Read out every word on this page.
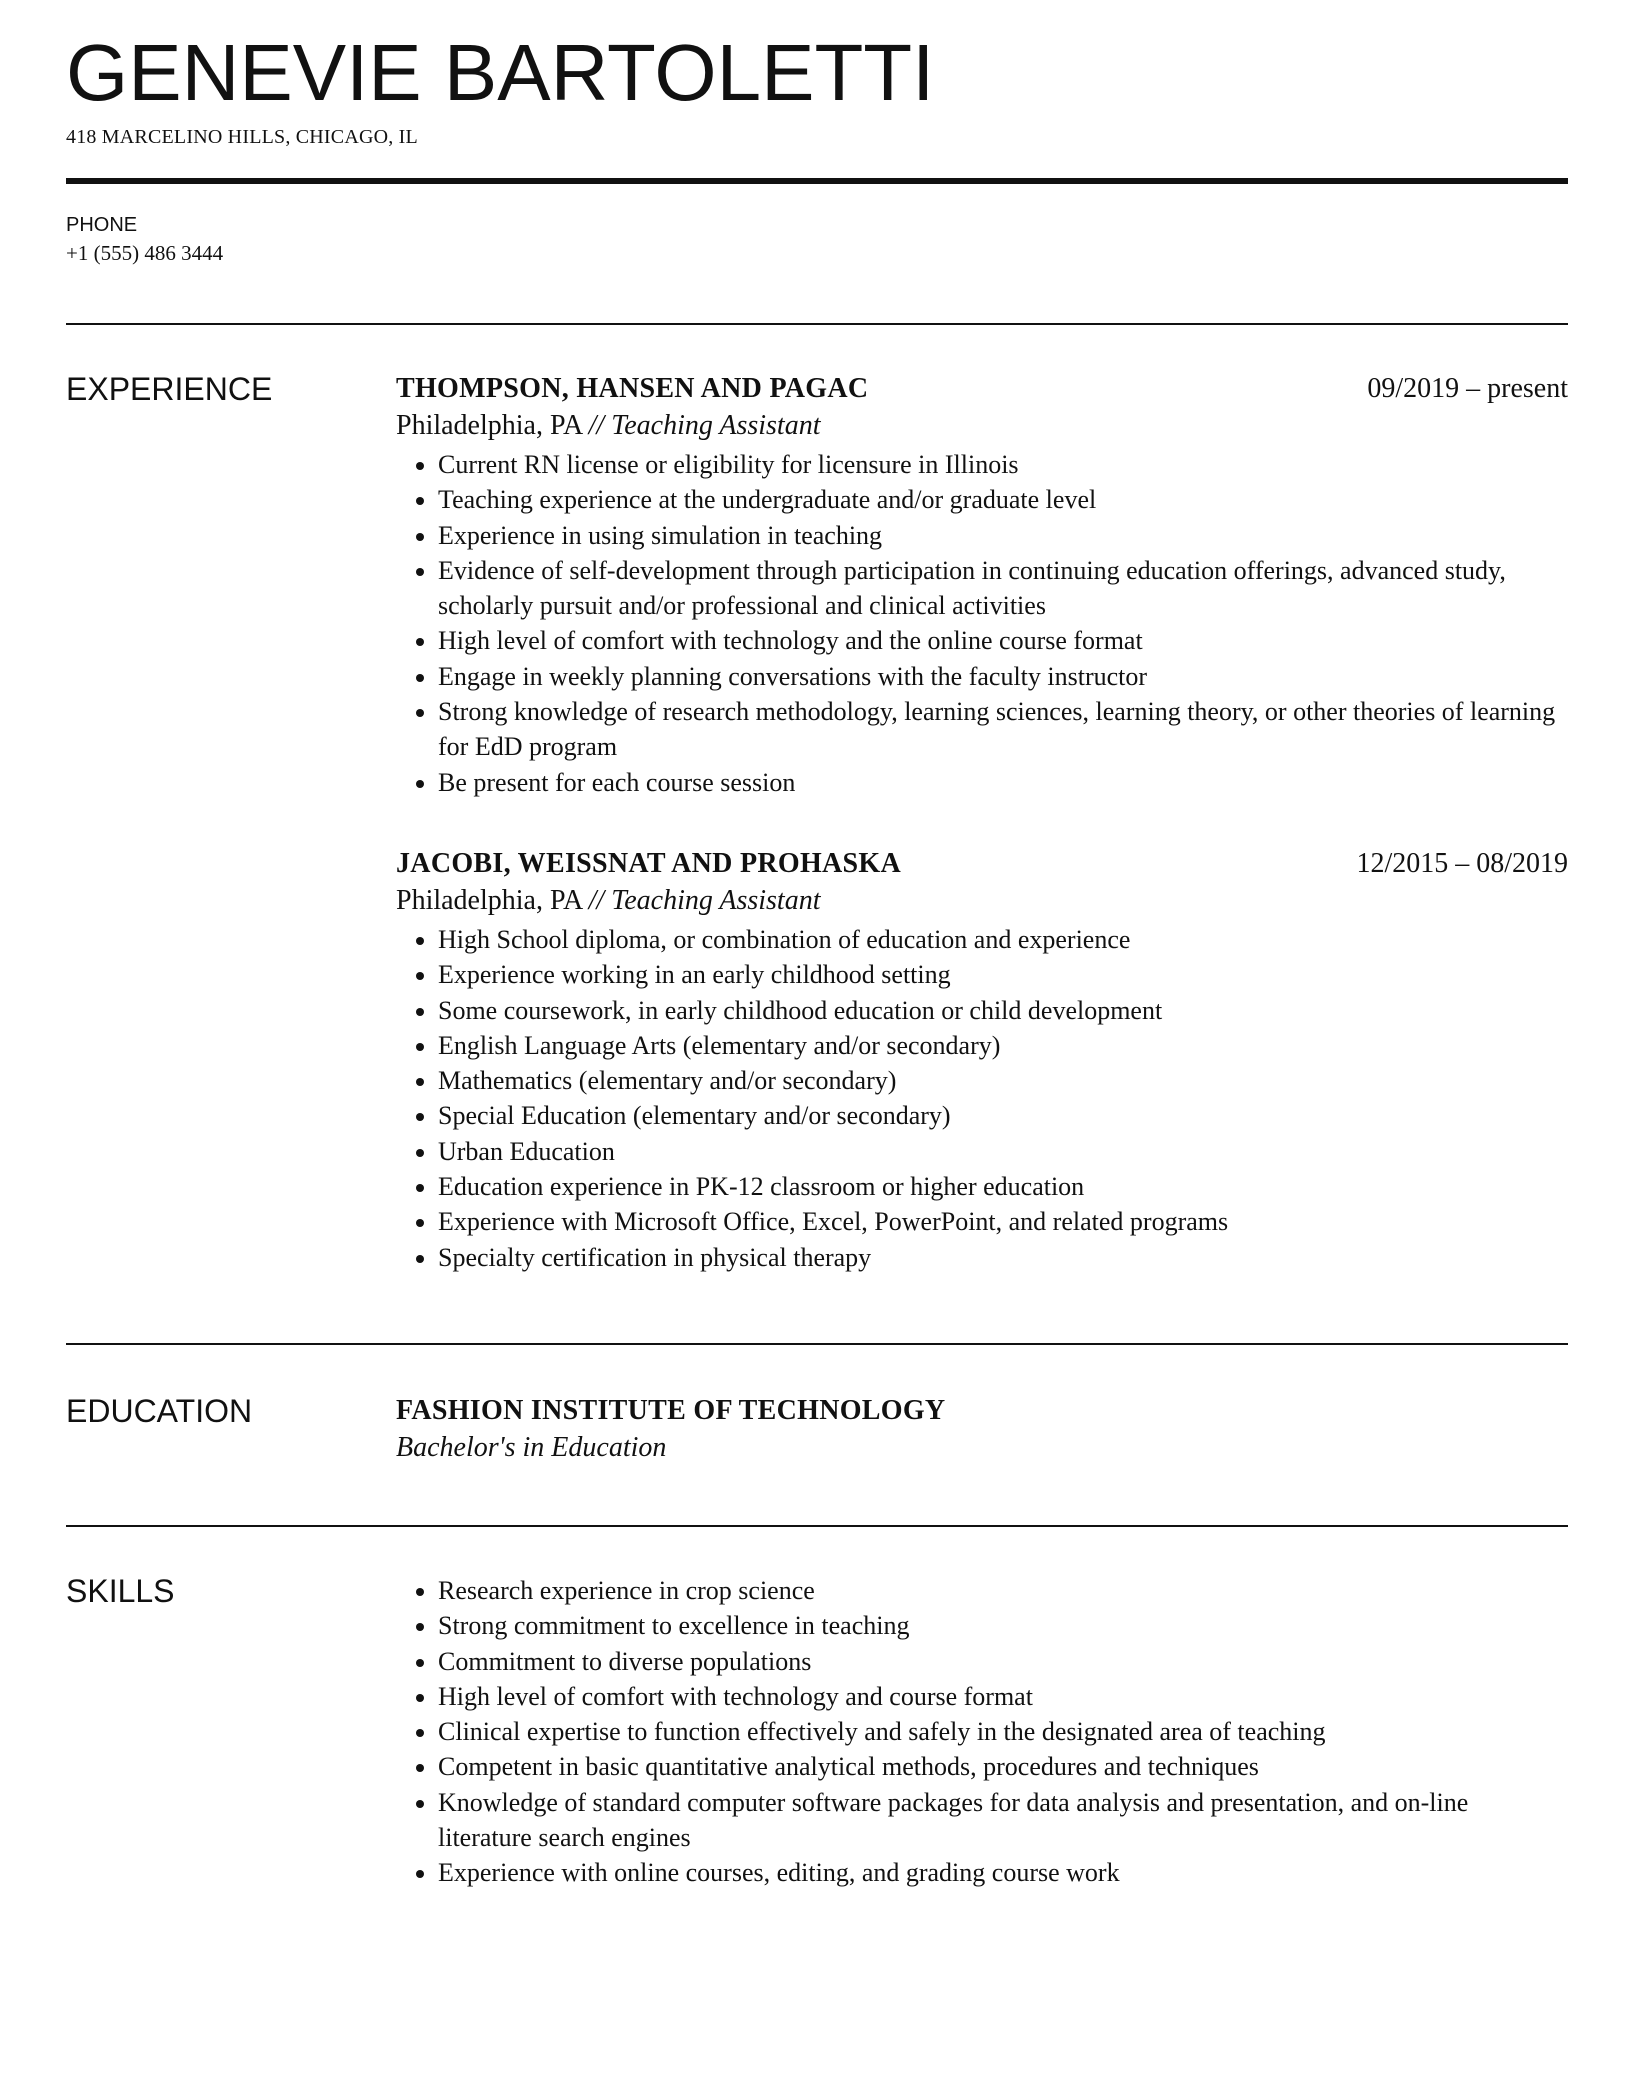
GENEVIE BARTOLETTI
418 MARCELINO HILLS, CHICAGO, IL
PHONE
+1 (555) 486 3444
EXPERIENCE	THOMPSON, HANSEN AND PAGAC	09/2019 – present
Philadelphia, PA // Teaching Assistant
• Current RN license or eligibility for licensure in Illinois
• Teaching experience at the undergraduate and/or graduate level
• Experience in using simulation in teaching
• Evidence of self-development through participation in continuing education offerings, advanced study, scholarly pursuit and/or professional and clinical activities
• High level of comfort with technology and the online course format
• Engage in weekly planning conversations with the faculty instructor
• Strong knowledge of research methodology, learning sciences, learning theory, or other theories of learning for EdD program
• Be present for each course session
JACOBI, WEISSNAT AND PROHASKA	12/2015 – 08/2019
Philadelphia, PA // Teaching Assistant
• High School diploma, or combination of education and experience
• Experience working in an early childhood setting
• Some coursework, in early childhood education or child development
• English Language Arts (elementary and/or secondary)
• Mathematics (elementary and/or secondary)
• Special Education (elementary and/or secondary)
• Urban Education
• Education experience in PK-12 classroom or higher education
• Experience with Microsoft Office, Excel, PowerPoint, and related programs
• Specialty certification in physical therapy
EDUCATION	FASHION INSTITUTE OF TECHNOLOGY
Bachelor's in Education
SKILLS
•	Research experience in crop science
• Strong commitment to excellence in teaching
• Commitment to diverse populations
• High level of comfort with technology and course format
• Clinical expertise to function effectively and safely in the designated area of teaching
• Competent in basic quantitative analytical methods, procedures and techniques
• Knowledge of standard computer software packages for data analysis and presentation, and on-line literature search engines
• Experience with online courses, editing, and grading course work
